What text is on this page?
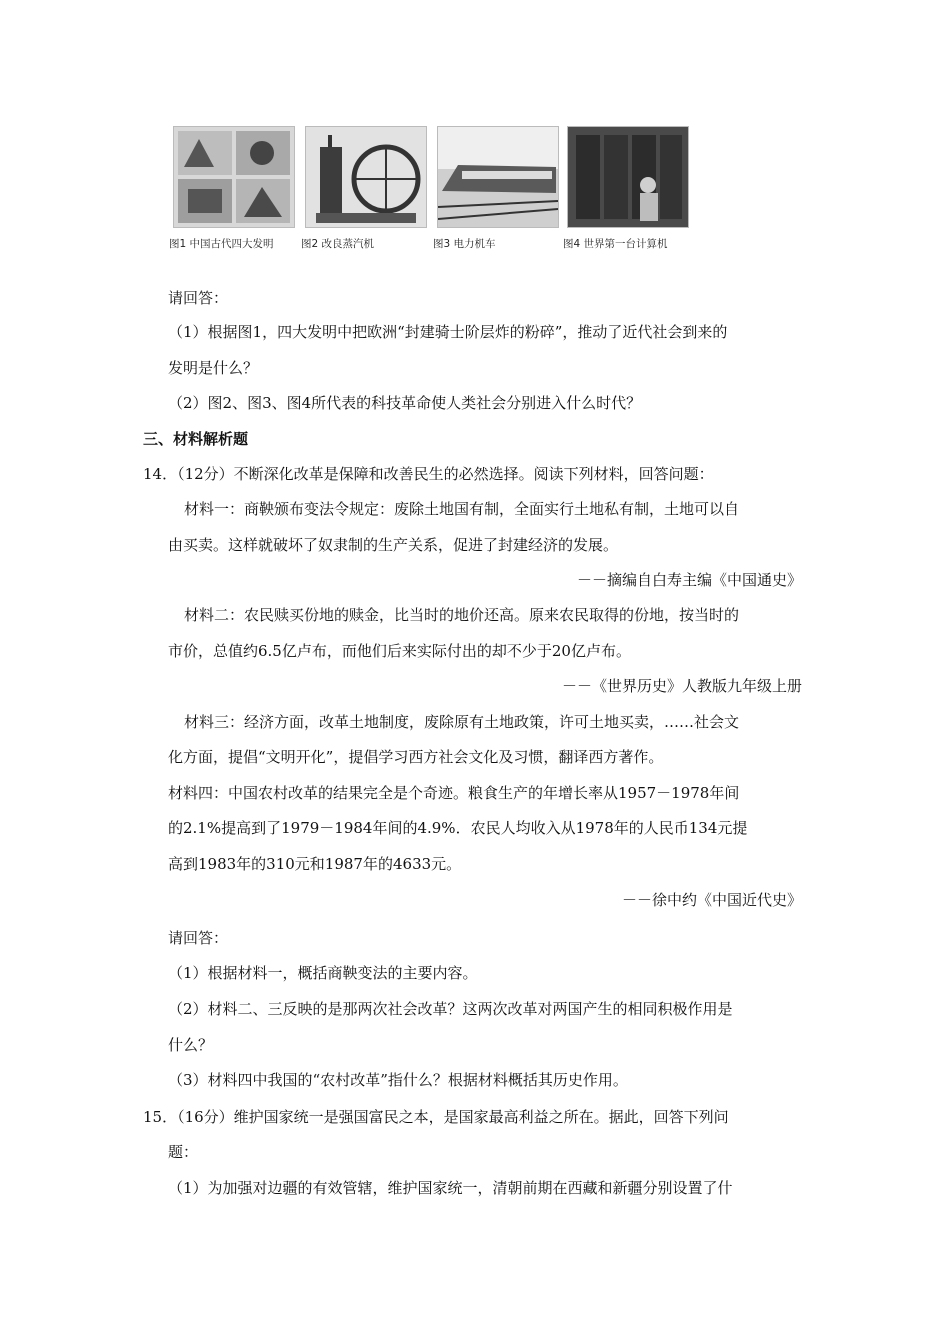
图1 中国古代四大发明	图2 改良蒸汽机	图3 电力机车	图4 世界第一台计算机
请回答：
（1）根据图1，四大发明中把欧洲“封建骑士阶层炸的粉碎”，推动了近代社会到来的
发明是什么？
（2）图2、图3、图4所代表的科技革命使人类社会分别进入什么时代？
三、材料解析题
14．（12分）不断深化改革是保障和改善民生的必然选择。阅读下列材料，回答问题：
材料一：商鞅颁布变法令规定：废除土地国有制，全面实行土地私有制，土地可以自
由买卖。这样就破坏了奴隶制的生产关系，促进了封建经济的发展。
－－摘编自白寿主编《中国通史》
材料二：农民赎买份地的赎金，比当时的地价还高。原来农民取得的份地，按当时的
市价，总值约6.5亿卢布，而他们后来实际付出的却不少于20亿卢布。
－－《世界历史》人教版九年级上册
材料三：经济方面，改革土地制度，废除原有土地政策，许可土地买卖，……社会文
化方面，提倡“文明开化”，提倡学习西方社会文化及习惯，翻译西方著作。
材料四：中国农村改革的结果完全是个奇迹。粮食生产的年增长率从1957－1978年间
的2.1%提高到了1979－1984年间的4.9%．农民人均收入从1978年的人民币134元提
高到1983年的310元和1987年的4633元。
－－徐中约《中国近代史》
请回答：
（1）根据材料一，概括商鞅变法的主要内容。
（2）材料二、三反映的是那两次社会改革？这两次改革对两国产生的相同积极作用是
什么？
（3）材料四中我国的“农村改革”指什么？根据材料概括其历史作用。
15．（16分）维护国家统一是强国富民之本，是国家最高利益之所在。据此，回答下列问
题：
（1）为加强对边疆的有效管辖，维护国家统一，清朝前期在西藏和新疆分别设置了什
